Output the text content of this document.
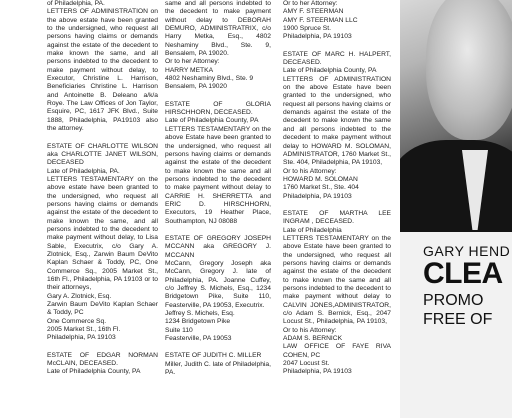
of Philadelphia, PA.
LETTERS OF ADMINISTRATION on the above estate have been granted to the undersigned, who request all persons having claims or demands against the estate of the decedent to make known the same, and all persons indebted to the decedent to make payment without delay, to Executor, Christine L. Harrison, Beneficiaries Christine L. Harrison and Antoinette B. Deleano a/k/a Roye. The Law Offices of Jon Taylor, Esquire, PC, 1617 JFK Blvd., Suite 1888, Philadelphia, PA19103 also the attorney.

ESTATE OF CHARLOTTE WILSON aka CHARLOTTE JANET WILSON, DECEASED
Late of Philadelphia, PA.
LETTERS TESTAMENTARY on the above estate have been granted to the undersigned, who request all persons having claims or demands against the estate of the decedent to make known the same, and all persons indebted to the decedent to make payment without delay, to Lisa Sable, Executrix, c/o Gary A. Zlotnick, Esq., Zarwin Baum DeVito Kaplan Schaer & Toddy, PC, One Commerce Sq., 2005 Market St., 16th Fl., Philadelphia, PA 19103 or to their attorneys,
Gary A. Zlotnick, Esq.
Zarwin Baum DeVito Kaplan Schaer & Toddy, PC
One Commerce Sq.
2005 Market St., 16th Fl.
Philadelphia, PA 19103

ESTATE OF EDGAR NORMAN McCLAIN, DECEASED.
Late of Philadelphia County, PA

same and all persons indebted to the decedent to make payment without delay to DEBORAH DEMURO, ADMINISTRATRIX, c/o Harry Metka, Esq., 4802 Neshaminy Blvd., Ste. 9, Bensalem, PA 19020.
Or to her Attorney:
HARRY METKA
4802 Neshaminy Blvd., Ste. 9
Bensalem, PA 19020

ESTATE OF GLORIA HIRSCHHORN, DECEASED.
Late of Philadelphia County, PA
LETTERS TESTAMENTARY on the above Estate have been granted to the undersigned, who request all persons having claims or demands against the estate of the decedent to make known the same and all persons indebted to the decedent to make payment without delay to CARRIE H. SHERRETTA and ERIC D. HIRSCHHORN, Executors, 19 Heather Place, Southampton, NJ 08088

ESTATE OF GREGORY JOSEPH MCCANN aka GREGORY J. MCCANN
McCann, Gregory Joseph aka McCann, Gregory J. late of Philadelphia, PA. Joanne Cuffey, c/o Jeffrey S. Michels, Esq., 1234 Bridgetown Pike, Suite 110, Feasterville, PA 19053, Executrix.
Jeffrey S. Michels, Esq.
1234 Bridgetown Pike
Suite 110
Feasterville, PA 19053

ESTATE OF JUDITH C. MILLER
Miller, Judith C. late of Philadelphia, PA.

Or to her Attorney:
AMY F. STEERMAN
AMY F. STEERMAN LLC
1900 Spruce St.
Philadelphia, PA 19103

ESTATE OF MARC H. HALPERT, DECEASED.
Late of Philadelphia County, PA
LETTERS OF ADMINISTRATION on the above Estate have been granted to the undersigned, who request all persons having claims or demands against the estate of the decedent to make known the same and all persons indebted to the decedent to make payment without delay to HOWARD M. SOLOMAN, ADMINISTRATOR, 1760 Market St., Ste. 404, Philadelphia, PA 19103,
Or to his Attorney:
HOWARD M. SOLOMAN
1760 Market St., Ste. 404
Philadelphia, PA 19103

ESTATE OF MARTHA LEE INGRAM , DECEASED.
Late of Philadelphia
LETTERS TESTAMENTARY on the above Estate have been granted to the undersigned, who request all persons having claims or demands against the estate of the decedent to make known the same and all persons indebted to the decedent to make payment without delay to CALVIN JONES,ADMINISTRATOR, c/o Adam S. Bernick, Esq., 2047 Locust St., Philadelphia, PA 19103,
Or to his Attorney:
ADAM S. BERNICK
LAW OFFICE OF FAYE RIVA COHEN, PC
2047 Locust St.
Philadelphia, PA 19103

GARY HEND
CLEA
PROMO
FREE OF
